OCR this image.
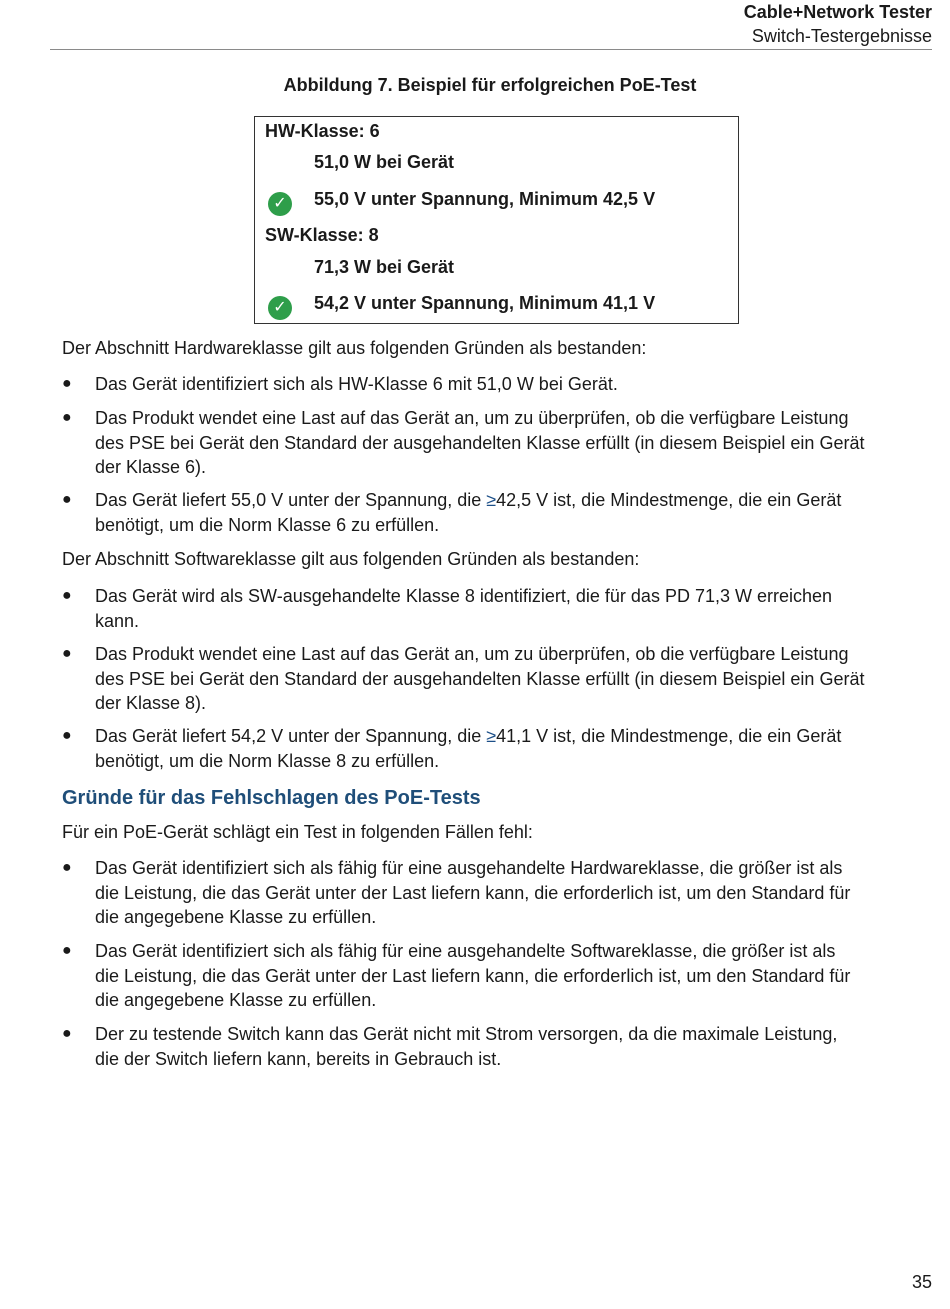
Cable+Network Tester
Switch-Testergebnisse
Abbildung 7. Beispiel für erfolgreichen PoE-Test
HW-Klasse: 6
51,0 W bei Gerät
✓ 55,0 V unter Spannung, Minimum 42,5 V
SW-Klasse: 8
71,3 W bei Gerät
✓ 54,2 V unter Spannung, Minimum 41,1 V
Der Abschnitt Hardwareklasse gilt aus folgenden Gründen als bestanden:
● Das Gerät identifiziert sich als HW-Klasse 6 mit 51,0 W bei Gerät.
● Das Produkt wendet eine Last auf das Gerät an, um zu überprüfen, ob die verfügbare Leistung
des PSE bei Gerät den Standard der ausgehandelten Klasse erfüllt (in diesem Beispiel ein Gerät
der Klasse 6).
● Das Gerät liefert 55,0 V unter der Spannung, die ≥42,5 V ist, die Mindestmenge, die ein Gerät
benötigt, um die Norm Klasse 6 zu erfüllen.
Der Abschnitt Softwareklasse gilt aus folgenden Gründen als bestanden:
● Das Gerät wird als SW-ausgehandelte Klasse 8 identifiziert, die für das PD 71,3 W erreichen
kann.
● Das Produkt wendet eine Last auf das Gerät an, um zu überprüfen, ob die verfügbare Leistung
des PSE bei Gerät den Standard der ausgehandelten Klasse erfüllt (in diesem Beispiel ein Gerät
der Klasse 8).
● Das Gerät liefert 54,2 V unter der Spannung, die ≥41,1 V ist, die Mindestmenge, die ein Gerät
benötigt, um die Norm Klasse 8 zu erfüllen.
Gründe für das Fehlschlagen des PoE-Tests
Für ein PoE-Gerät schlägt ein Test in folgenden Fällen fehl:
● Das Gerät identifiziert sich als fähig für eine ausgehandelte Hardwareklasse, die größer ist als
die Leistung, die das Gerät unter der Last liefern kann, die erforderlich ist, um den Standard für
die angegebene Klasse zu erfüllen.
● Das Gerät identifiziert sich als fähig für eine ausgehandelte Softwareklasse, die größer ist als
die Leistung, die das Gerät unter der Last liefern kann, die erforderlich ist, um den Standard für
die angegebene Klasse zu erfüllen.
● Der zu testende Switch kann das Gerät nicht mit Strom versorgen, da die maximale Leistung,
die der Switch liefern kann, bereits in Gebrauch ist.
35
